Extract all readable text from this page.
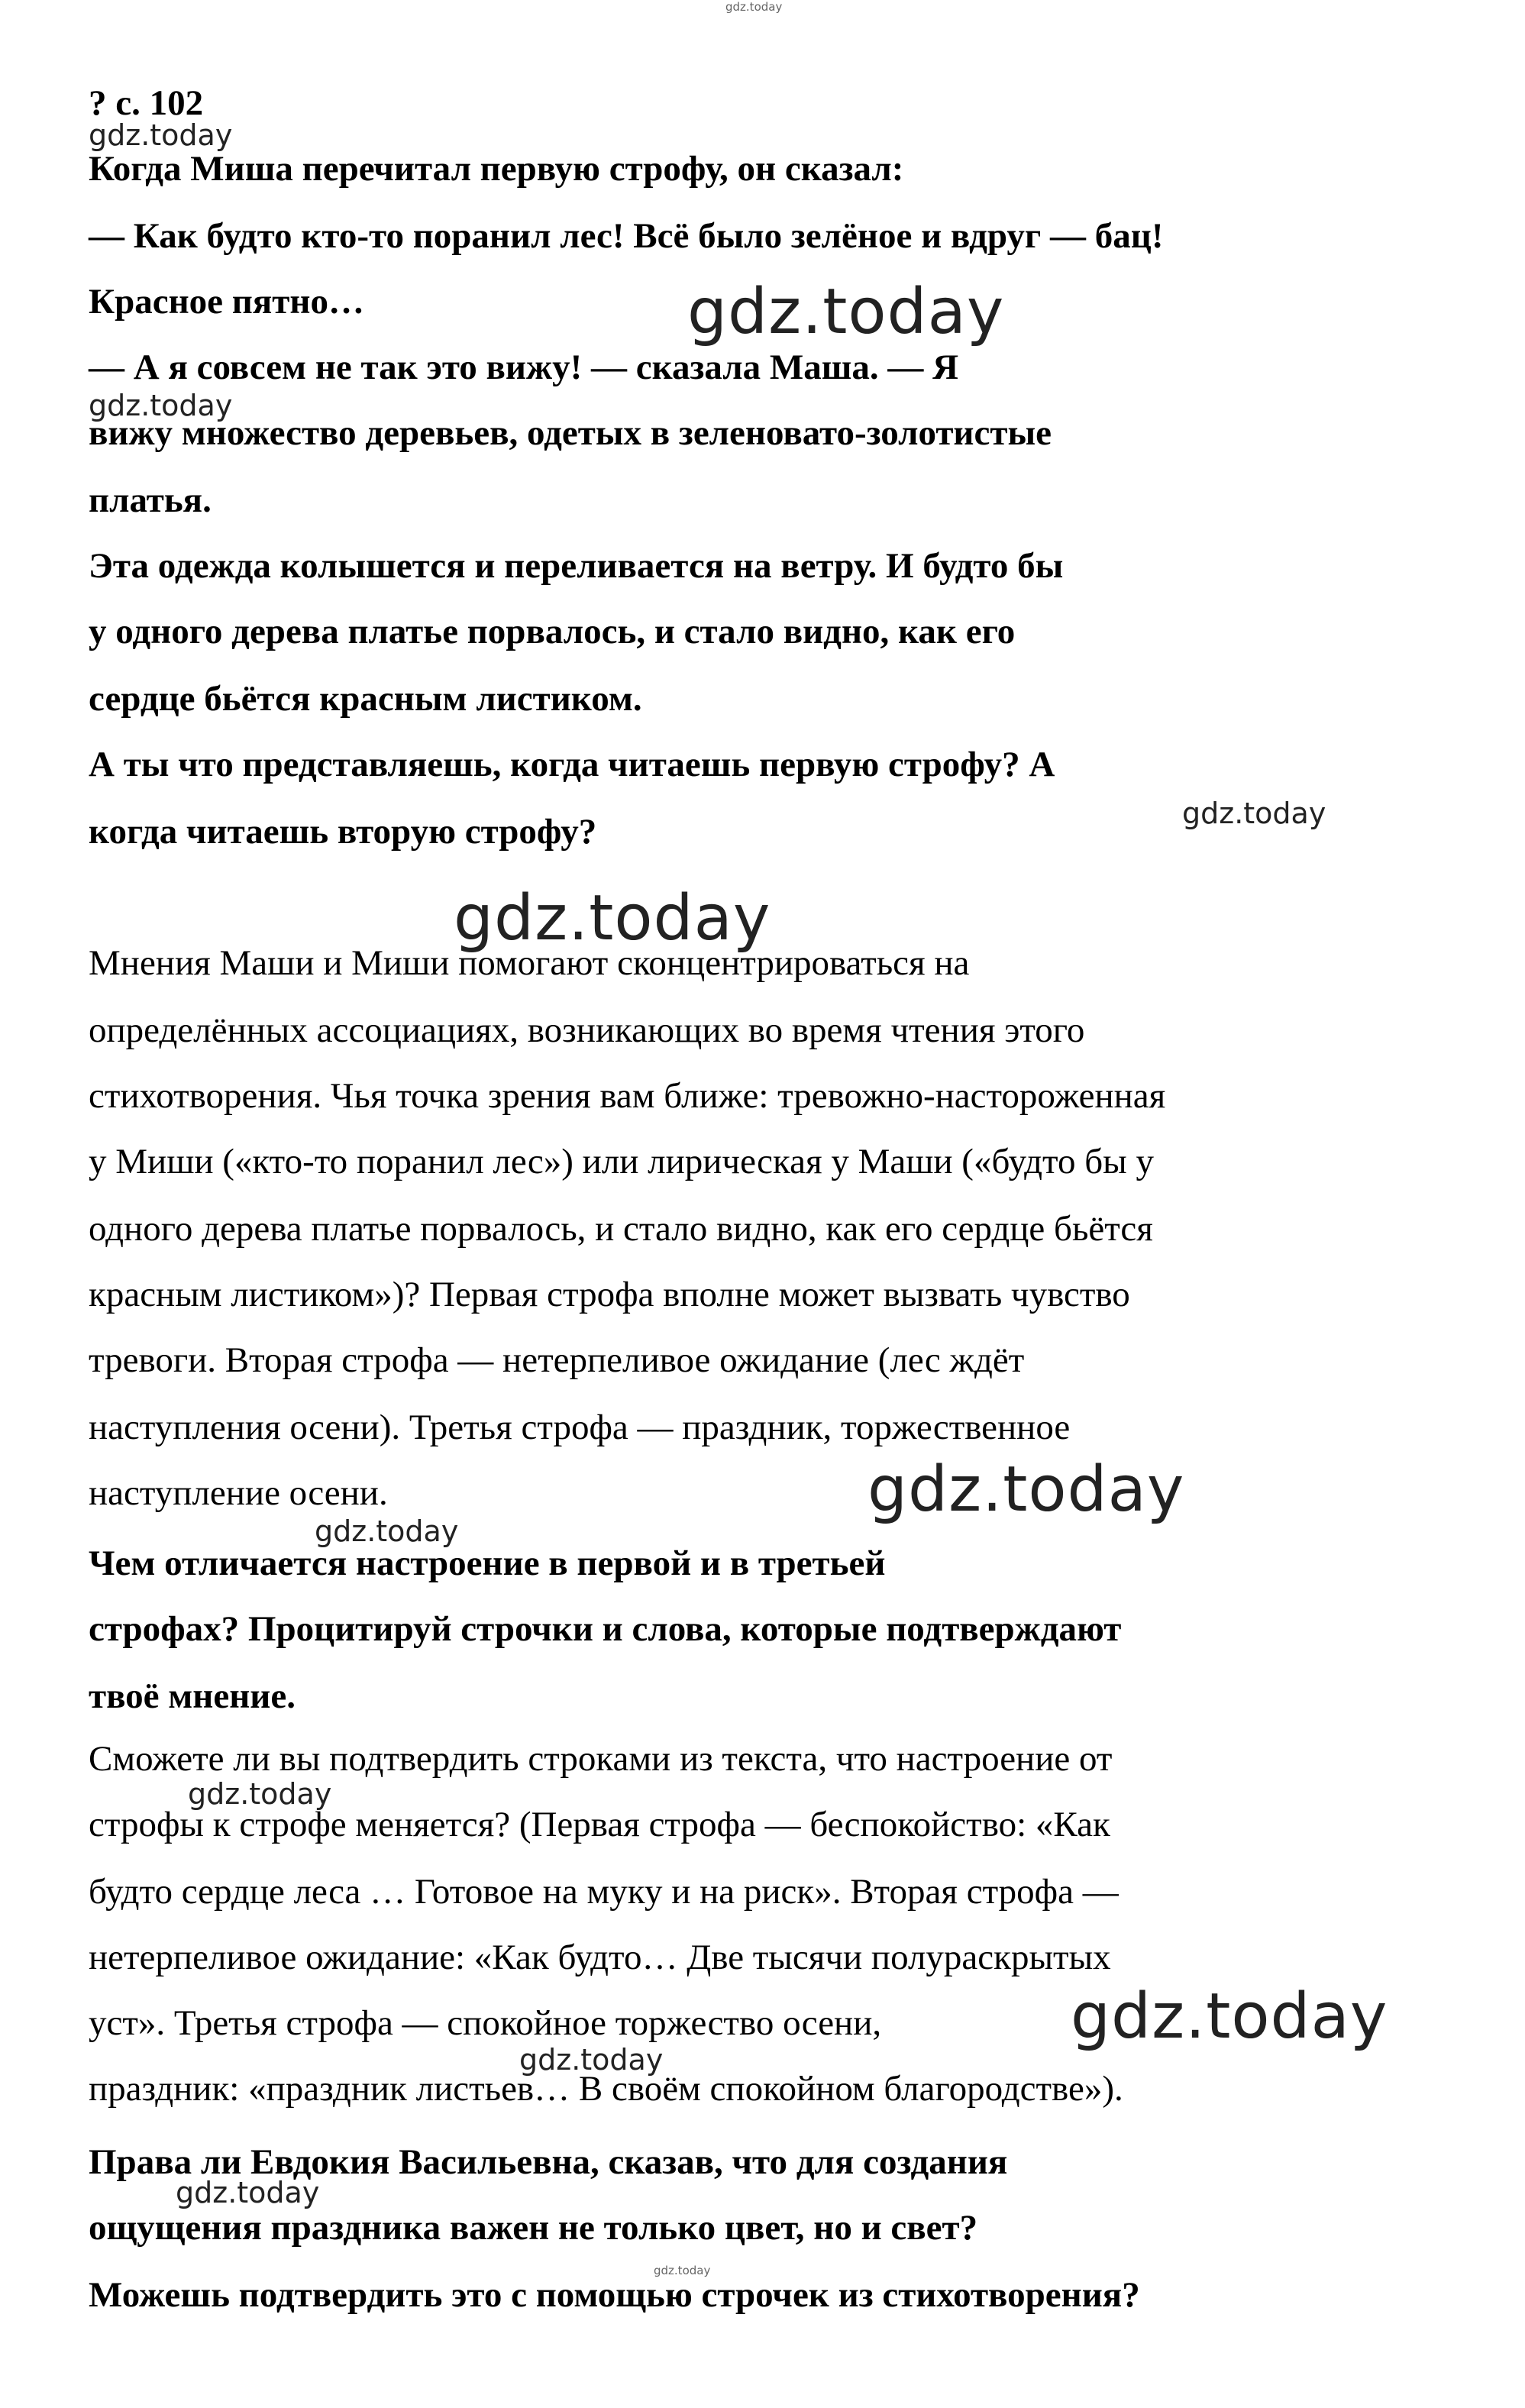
? с. 102
Когда Миша перечитал первую строфу, он сказал:
— Как будто кто-то поранил лес! Всё было зелёное и вдруг — бац!
Красное пятно…
— А я совсем не так это вижу! — сказала Маша. — Я
вижу множество деревьев, одетых в зеленовато-золотистые
платья.
Эта одежда колышется и переливается на ветру. И будто бы
у одного дерева платье порвалось, и стало видно, как его
сердце бьётся красным листиком.
А ты что представляешь, когда читаешь первую строфу? А
когда читаешь вторую строфу?
Мнения Маши и Миши помогают сконцентрироваться на
определённых ассоциациях, возникающих во время чтения этого
стихотворения. Чья точка зрения вам ближе: тревожно-настороженная
у Миши («кто-то поранил лес») или лирическая у Маши («будто бы у
одного дерева платье порвалось, и стало видно, как его сердце бьётся
красным листиком»)? Первая строфа вполне может вызвать чувство
тревоги. Вторая строфа — нетерпеливое ожидание (лес ждёт
наступления осени). Третья строфа — праздник, торжественное
наступление осени.
Чем отличается настроение в первой и в третьей
строфах? Процитируй строчки и слова, которые подтверждают
твоё мнение.
Сможете ли вы подтвердить строками из текста, что настроение от
строфы к строфе меняется? (Первая строфа — беспокойство: «Как
будто сердце леса … Готовое на муку и на риск». Вторая строфа —
нетерпеливое ожидание: «Как будто… Две тысячи полураскрытых
уст». Третья строфа — спокойное торжество осени,
праздник: «праздник листьев… В своём спокойном благородстве»).
Права ли Евдокия Васильевна, сказав, что для создания
ощущения праздника важен не только цвет, но и свет?
Можешь подтвердить это с помощью строчек из стихотворения?
gdz.today
gdz.today
gdz.today
gdz.today
gdz.today
gdz.today
gdz.today
gdz.today
gdz.today
gdz.today
gdz.today
gdz.today
gdz.today
